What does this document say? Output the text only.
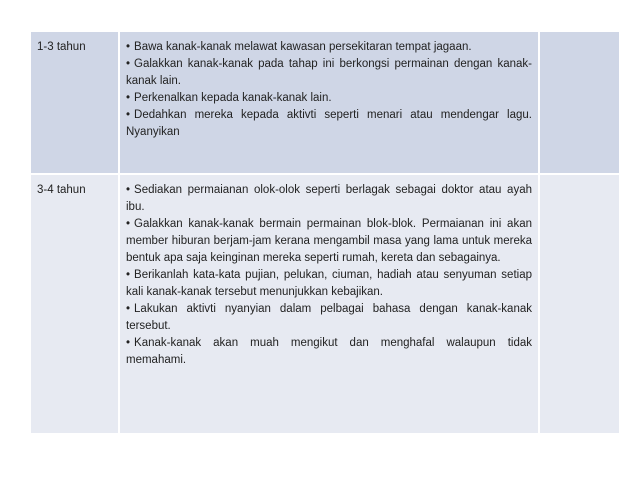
1-3 tahun	• Bawa kanak-kanak melawat kawasan persekitaran tempat jagaan.
• Galakkan kanak-kanak pada tahap ini berkongsi permainan dengan kanak-kanak lain.
• Perkenalkan kepada kanak-kanak lain.
• Dedahkan mereka kepada aktivti seperti menari atau mendengar lagu. Nyanyikan
3-4 tahun	• Sediakan permaianan olok-olok seperti berlagak sebagai doktor atau ayah ibu.
• Galakkan kanak-kanak bermain permainan blok-blok. Permaianan ini akan member hiburan berjam-jam kerana mengambil masa yang lama untuk mereka bentuk apa saja keinginan mereka seperti rumah, kereta dan sebagainya.
• Berikanlah kata-kata pujian, pelukan, ciuman, hadiah atau senyuman setiap kali kanak-kanak tersebut menunjukkan kebajikan.
• Lakukan aktivti nyanyian dalam pelbagai bahasa dengan kanak-kanak tersebut.
• Kanak-kanak akan muah mengikut dan menghafal walaupun tidak memahami.
